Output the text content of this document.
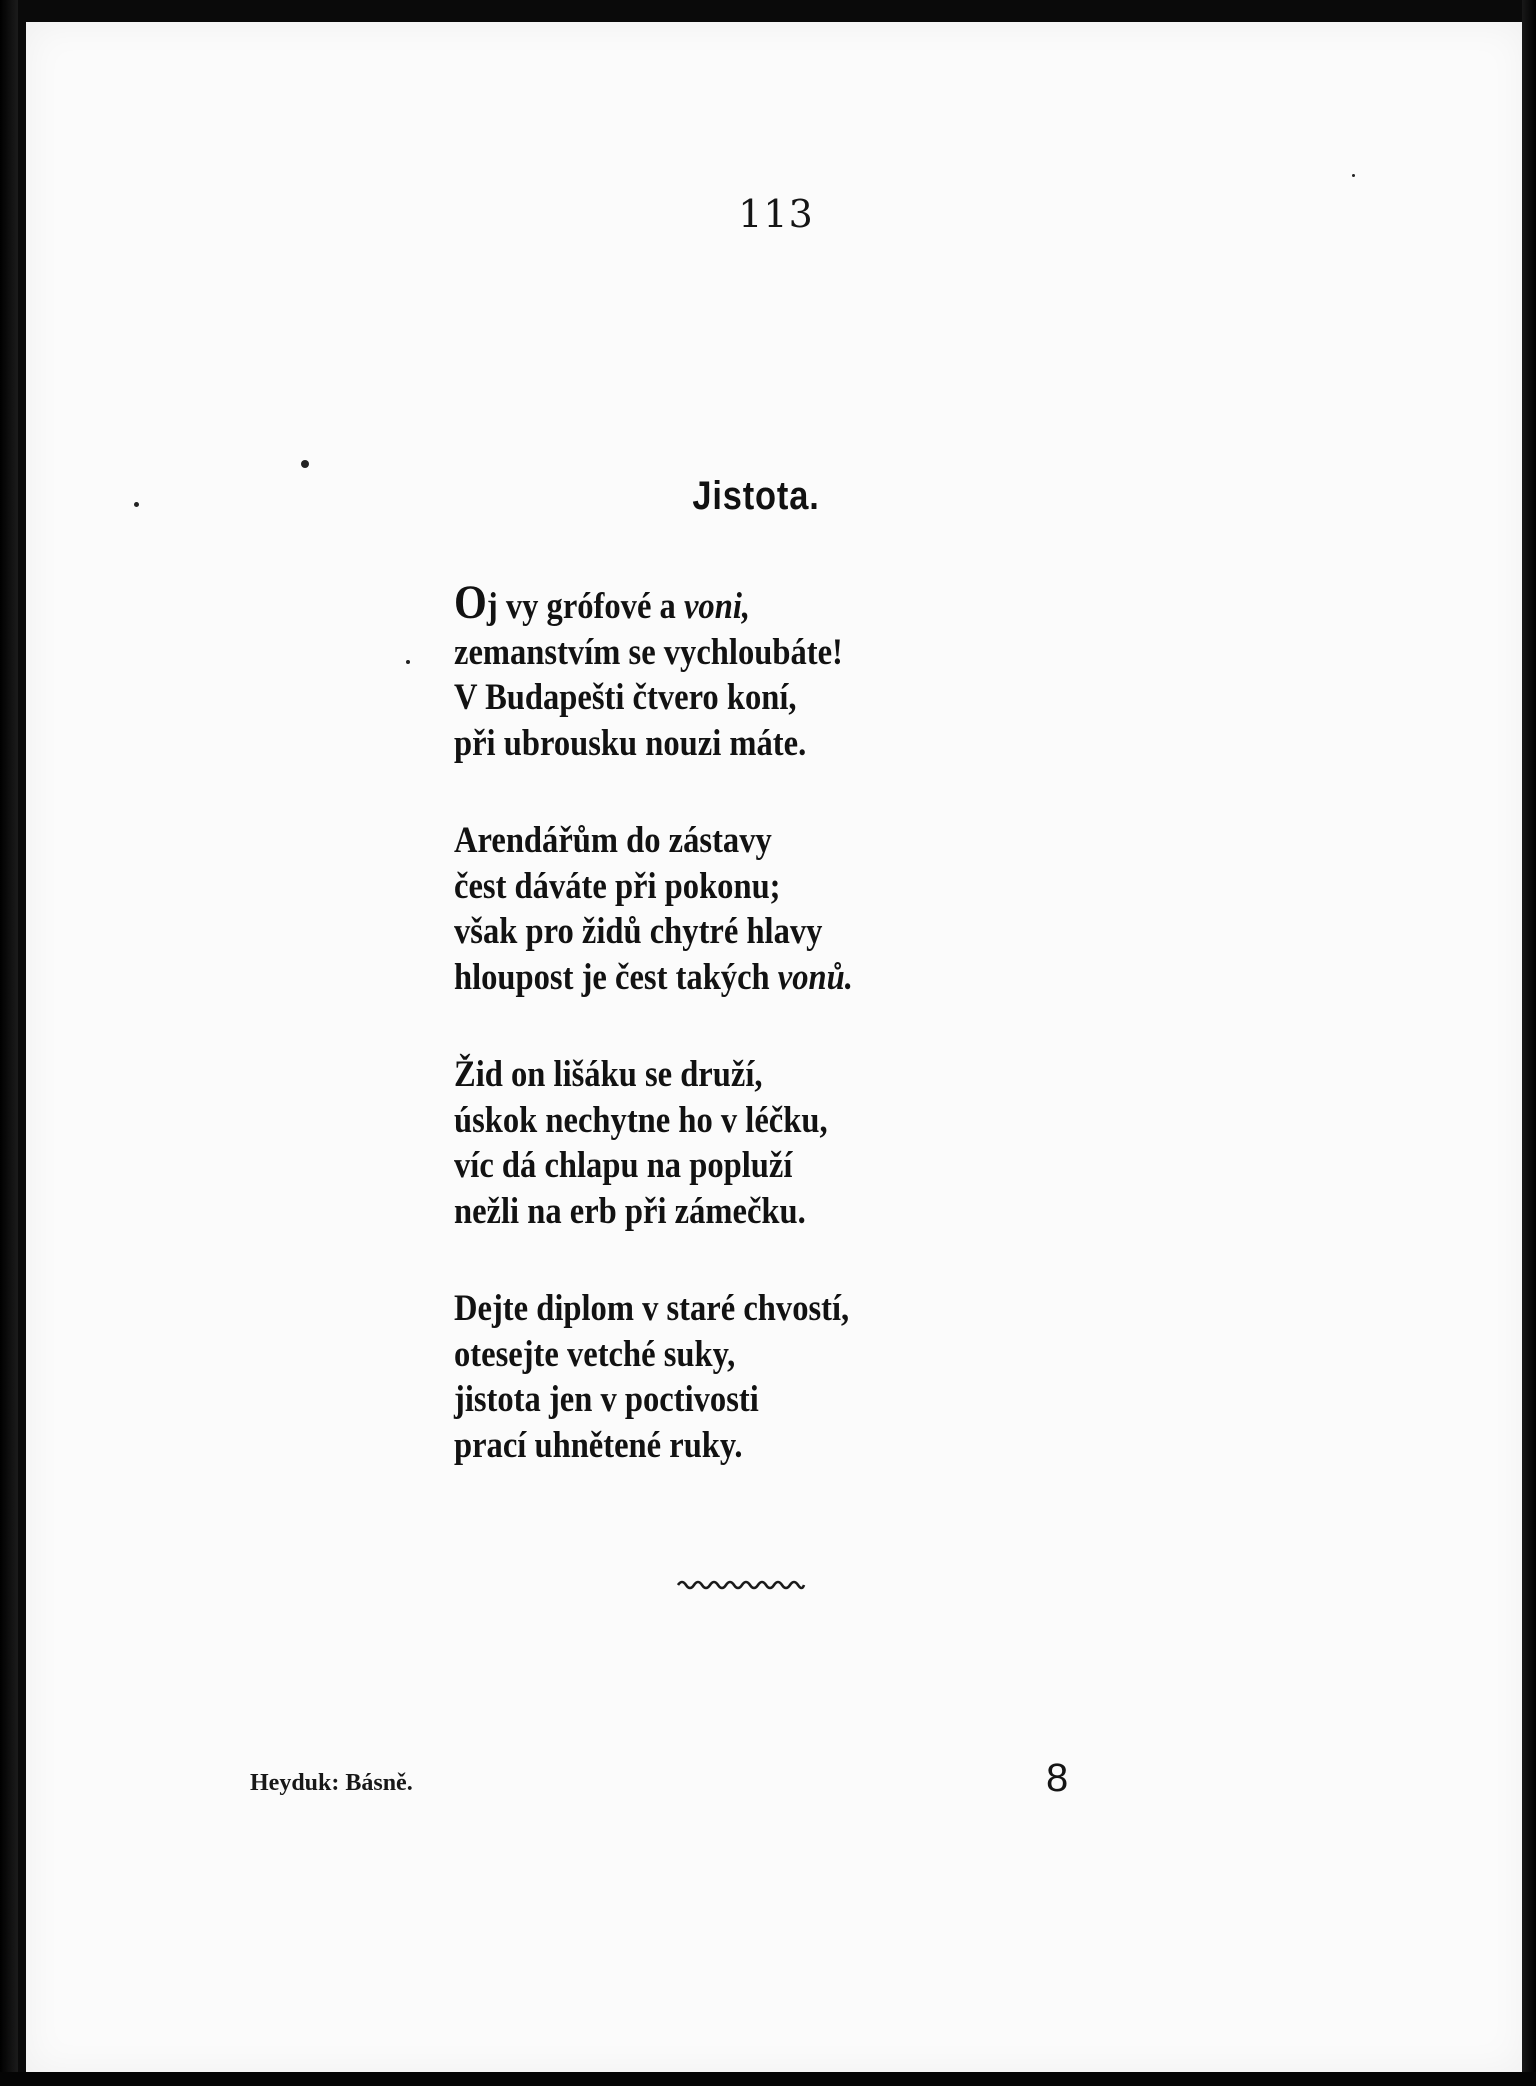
113
Jistota.
Oj vy grófové a voni,
zemanstvím se vychloubáte!
V Budapešti čtvero koní,
při ubrousku nouzi máte.
Arendářům do zástavy
čest dáváte při pokonu;
však pro židů chytré hlavy
hloupost je čest takých vonů.
Žid on lišáku se druží,
úskok nechytne ho v léčku,
víc dá chlapu na popluží
nežli na erb při zámečku.
Dejte diplom v staré chvostí,
otesejte vetché suky,
jistota jen v poctivosti
prací uhnětené ruky.
Heyduk: Básně.	8
